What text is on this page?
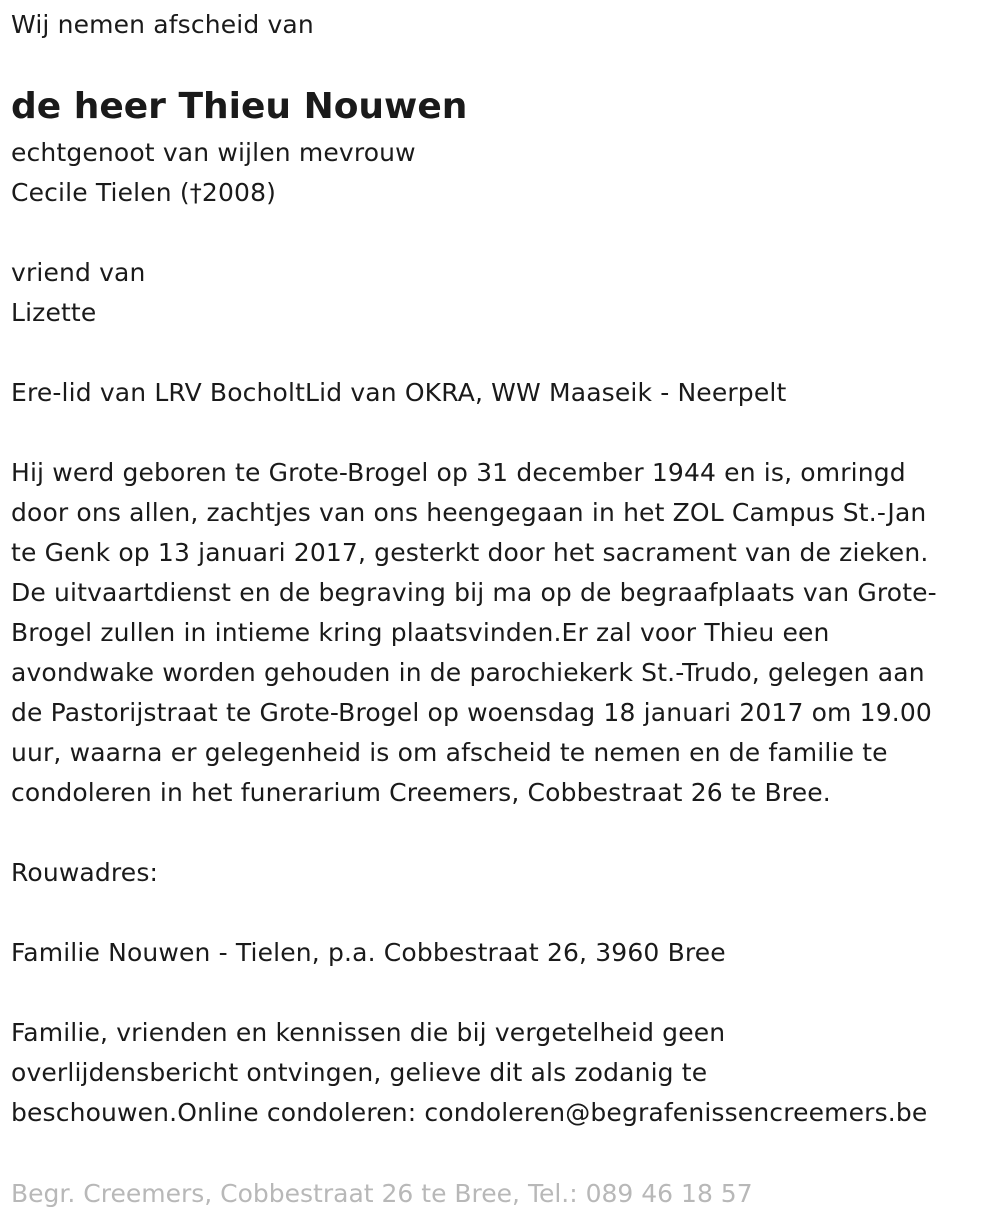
Wij nemen afscheid van
de heer Thieu Nouwen
echtgenoot van wijlen mevrouw
Cecile Tielen (†2008)
vriend van
Lizette
Ere-lid van LRV BocholtLid van OKRA, WW Maaseik - Neerpelt
Hij werd geboren te Grote-Brogel op 31 december 1944 en is, omringd
door ons allen, zachtjes van ons heengegaan in het ZOL Campus St.-Jan
te Genk op 13 januari 2017, gesterkt door het sacrament van de zieken.
De uitvaartdienst en de begraving bij ma op de begraafplaats van Grote-
Brogel zullen in intieme kring plaatsvinden.Er zal voor Thieu een
avondwake worden gehouden in de parochiekerk St.-Trudo, gelegen aan
de Pastorijstraat te Grote-Brogel op woensdag 18 januari 2017 om 19.00
uur, waarna er gelegenheid is om afscheid te nemen en de familie te
condoleren in het funerarium Creemers, Cobbestraat 26 te Bree.
Rouwadres:
Familie Nouwen - Tielen, p.a. Cobbestraat 26, 3960 Bree
Familie, vrienden en kennissen die bij vergetelheid geen
overlijdensbericht ontvingen, gelieve dit als zodanig te
beschouwen.Online condoleren: condoleren@begrafenissencreemers.be
Begr. Creemers, Cobbestraat 26 te Bree, Tel.: 089 46 18 57
